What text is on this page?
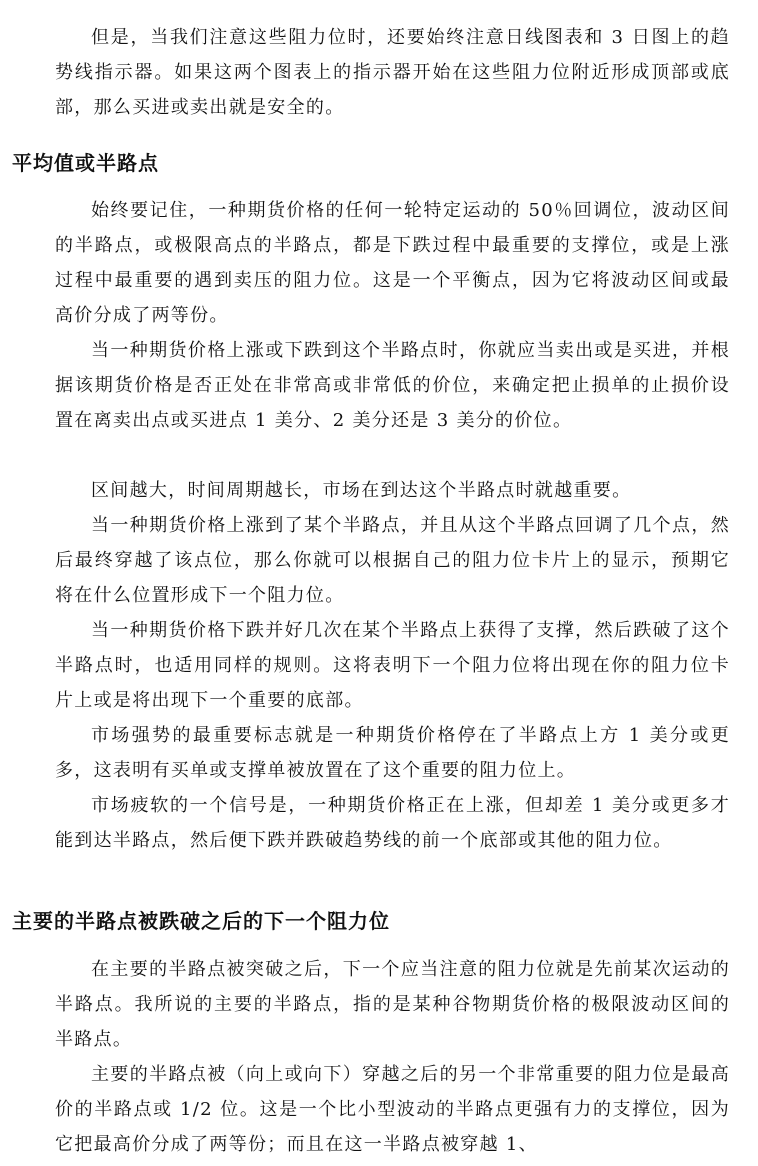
但是，当我们注意这些阻力位时，还要始终注意日线图表和 3 日图上的趋势线指示器。如果这两个图表上的指示器开始在这些阻力位附近形成顶部或底部，那么买进或卖出就是安全的。

平均值或半路点

始终要记住，一种期货价格的任何一轮特定运动的 50％回调位，波动区间的半路点，或极限高点的半路点，都是下跌过程中最重要的支撑位，或是上涨过程中最重要的遇到卖压的阻力位。这是一个平衡点，因为它将波动区间或最高价分成了两等份。

当一种期货价格上涨或下跌到这个半路点时，你就应当卖出或是买进，并根据该期货价格是否正处在非常高或非常低的价位，来确定把止损单的止损价设置在离卖出点或买进点 1 美分、2 美分还是 3 美分的价位。

区间越大，时间周期越长，市场在到达这个半路点时就越重要。

当一种期货价格上涨到了某个半路点，并且从这个半路点回调了几个点，然后最终穿越了该点位，那么你就可以根据自己的阻力位卡片上的显示，预期它将在什么位置形成下一个阻力位。

当一种期货价格下跌并好几次在某个半路点上获得了支撑，然后跌破了这个半路点时，也适用同样的规则。这将表明下一个阻力位将出现在你的阻力位卡片上或是将出现下一个重要的底部。

市场强势的最重要标志就是一种期货价格停在了半路点上方 1 美分或更多，这表明有买单或支撑单被放置在了这个重要的阻力位上。

市场疲软的一个信号是，一种期货价格正在上涨，但却差 1 美分或更多才能到达半路点，然后便下跌并跌破趋势线的前一个底部或其他的阻力位。

主要的半路点被跌破之后的下一个阻力位

在主要的半路点被突破之后，下一个应当注意的阻力位就是先前某次运动的半路点。我所说的主要的半路点，指的是某种谷物期货价格的极限波动区间的半路点。

主要的半路点被（向上或向下）穿越之后的另一个非常重要的阻力位是最高价的半路点或 1/2 位。这是一个比小型波动的半路点更强有力的支撑位，因为它把最高价分成了两等份；而且在这一半路点被穿越 1、
